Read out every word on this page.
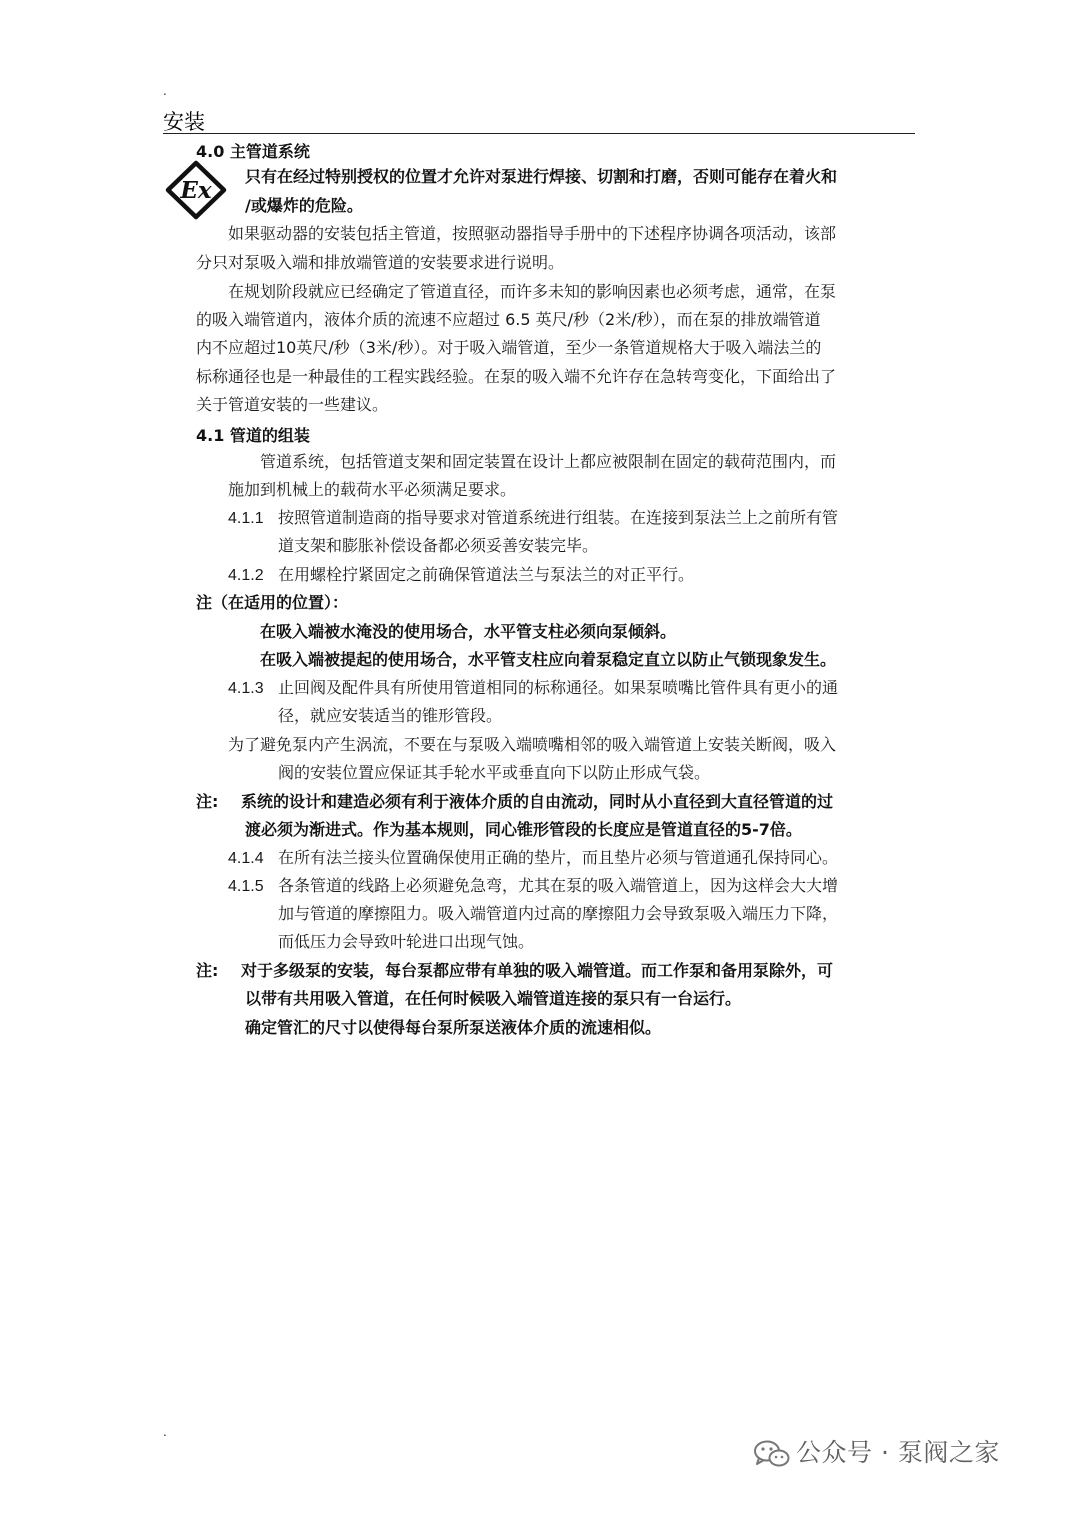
.
.
安装
4.0 主管道系统
Ex
只有在经过特别授权的位置才允许对泵进行焊接、切割和打磨，否则可能存在着火和
/或爆炸的危险。
如果驱动器的安装包括主管道，按照驱动器指导手册中的下述程序协调各项活动，该部
分只对泵吸入端和排放端管道的安装要求进行说明。
在规划阶段就应已经确定了管道直径，而许多未知的影响因素也必须考虑，通常，在泵
的吸入端管道内，液体介质的流速不应超过 6.5 英尺/秒（2米/秒），而在泵的排放端管道
内不应超过10英尺/秒（3米/秒）。对于吸入端管道，至少一条管道规格大于吸入端法兰的
标称通径也是一种最佳的工程实践经验。在泵的吸入端不允许存在急转弯变化，下面给出了
关于管道安装的一些建议。
4.1 管道的组装
管道系统，包括管道支架和固定装置在设计上都应被限制在固定的载荷范围内，而
施加到机械上的载荷水平必须满足要求。
4.1.1 按照管道制造商的指导要求对管道系统进行组装。在连接到泵法兰上之前所有管
道支架和膨胀补偿设备都必须妥善安装完毕。
4.1.2 在用螺栓拧紧固定之前确保管道法兰与泵法兰的对正平行。
注（在适用的位置）：
在吸入端被水淹没的使用场合，水平管支柱必须向泵倾斜。
在吸入端被提起的使用场合，水平管支柱应向着泵稳定直立以防止气锁现象发生。
4.1.3 止回阀及配件具有所使用管道相同的标称通径。如果泵喷嘴比管件具有更小的通
径，就应安装适当的锥形管段。
为了避免泵内产生涡流，不要在与泵吸入端喷嘴相邻的吸入端管道上安装关断阀，吸入
阀的安装位置应保证其手轮水平或垂直向下以防止形成气袋。
注: 系统的设计和建造必须有利于液体介质的自由流动，同时从小直径到大直径管道的过
渡必须为渐进式。作为基本规则，同心锥形管段的长度应是管道直径的5-7倍。
4.1.4 在所有法兰接头位置确保使用正确的垫片，而且垫片必须与管道通孔保持同心。
4.1.5 各条管道的线路上必须避免急弯，尤其在泵的吸入端管道上，因为这样会大大增
加与管道的摩擦阻力。吸入端管道内过高的摩擦阻力会导致泵吸入端压力下降，
而低压力会导致叶轮进口出现气蚀。
注: 对于多级泵的安装，每台泵都应带有单独的吸入端管道。而工作泵和备用泵除外，可
以带有共用吸入管道，在任何时候吸入端管道连接的泵只有一台运行。
确定管汇的尺寸以使得每台泵所泵送液体介质的流速相似。
公众号 · 泵阀之家
